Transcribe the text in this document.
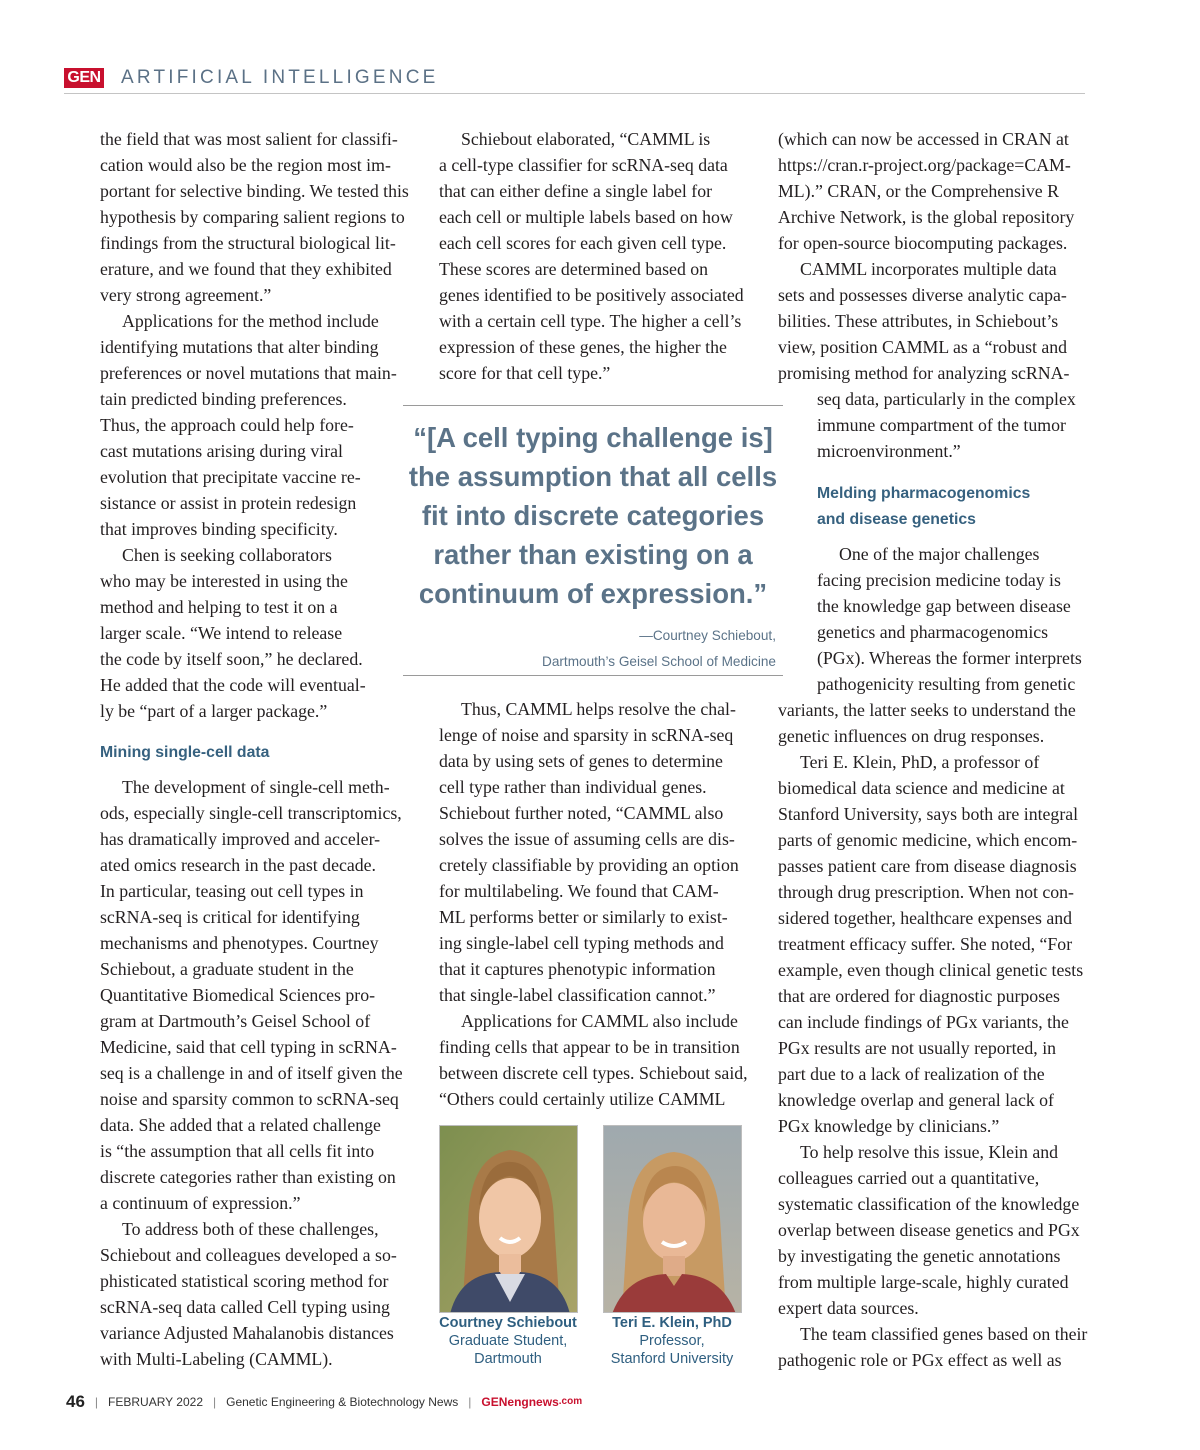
GEN ARTIFICIAL INTELLIGENCE
the field that was most salient for classifi-
cation would also be the region most im-
portant for selective binding. We tested this
hypothesis by comparing salient regions to
findings from the structural biological lit-
erature, and we found that they exhibited
very strong agreement.”
Applications for the method include
identifying mutations that alter binding
preferences or novel mutations that main-
tain predicted binding preferences.
Thus, the approach could help fore-
cast mutations arising during viral
evolution that precipitate vaccine re-
sistance or assist in protein redesign
that improves binding specificity.
Chen is seeking collaborators
who may be interested in using the
method and helping to test it on a
larger scale. “We intend to release
the code by itself soon,” he declared.
He added that the code will eventual-
ly be “part of a larger package.”
Mining single-cell data
The development of single-cell meth-
ods, especially single-cell transcriptomics,
has dramatically improved and acceler-
ated omics research in the past decade.
In particular, teasing out cell types in
scRNA-seq is critical for identifying
mechanisms and phenotypes. Courtney
Schiebout, a graduate student in the
Quantitative Biomedical Sciences pro-
gram at Dartmouth’s Geisel School of
Medicine, said that cell typing in scRNA-
seq is a challenge in and of itself given the
noise and sparsity common to scRNA-seq
data. She added that a related challenge
is “the assumption that all cells fit into
discrete categories rather than existing on
a continuum of expression.”
To address both of these challenges,
Schiebout and colleagues developed a so-
phisticated statistical scoring method for
scRNA-seq data called Cell typing using
variance Adjusted Mahalanobis distances
with Multi-Labeling (CAMML).
Schiebout elaborated, “CAMML is
a cell-type classifier for scRNA-seq data
that can either define a single label for
each cell or multiple labels based on how
each cell scores for each given cell type.
These scores are determined based on
genes identified to be positively associated
with a certain cell type. The higher a cell’s
expression of these genes, the higher the
score for that cell type.”
“[A cell typing challenge is]
the assumption that all cells
fit into discrete categories
rather than existing on a
continuum of expression.”
—Courtney Schiebout,
Dartmouth’s Geisel School of Medicine
Thus, CAMML helps resolve the chal-
lenge of noise and sparsity in scRNA-seq
data by using sets of genes to determine
cell type rather than individual genes.
Schiebout further noted, “CAMML also
solves the issue of assuming cells are dis-
cretely classifiable by providing an option
for multilabeling. We found that CAM-
ML performs better or similarly to exist-
ing single-label cell typing methods and
that it captures phenotypic information
that single-label classification cannot.”
Applications for CAMML also include
finding cells that appear to be in transition
between discrete cell types. Schiebout said,
“Others could certainly utilize CAMML
Courtney Schiebout
Graduate Student,
Dartmouth
Teri E. Klein, PhD
Professor,
Stanford University
(which can now be accessed in CRAN at
https://cran.r-project.org/package=CAM-
ML).” CRAN, or the Comprehensive R
Archive Network, is the global repository
for open-source biocomputing packages.
CAMML incorporates multiple data
sets and possesses diverse analytic capa-
bilities. These attributes, in Schiebout’s
view, position CAMML as a “robust and
promising method for analyzing scRNA-
seq data, particularly in the complex
immune compartment of the tumor
microenvironment.”
Melding pharmacogenomics
and disease genetics
One of the major challenges
facing precision medicine today is
the knowledge gap between disease
genetics and pharmacogenomics
(PGx). Whereas the former interprets
pathogenicity resulting from genetic
variants, the latter seeks to understand the
genetic influences on drug responses.
Teri E. Klein, PhD, a professor of
biomedical data science and medicine at
Stanford University, says both are integral
parts of genomic medicine, which encom-
passes patient care from disease diagnosis
through drug prescription. When not con-
sidered together, healthcare expenses and
treatment efficacy suffer. She noted, “For
example, even though clinical genetic tests
that are ordered for diagnostic purposes
can include findings of PGx variants, the
PGx results are not usually reported, in
part due to a lack of realization of the
knowledge overlap and general lack of
PGx knowledge by clinicians.”
To help resolve this issue, Klein and
colleagues carried out a quantitative,
systematic classification of the knowledge
overlap between disease genetics and PGx
by investigating the genetic annotations
from multiple large-scale, highly curated
expert data sources.
The team classified genes based on their
pathogenic role or PGx effect as well as
46 | FEBRUARY 2022 | Genetic Engineering & Biotechnology News | GENengnews.com
